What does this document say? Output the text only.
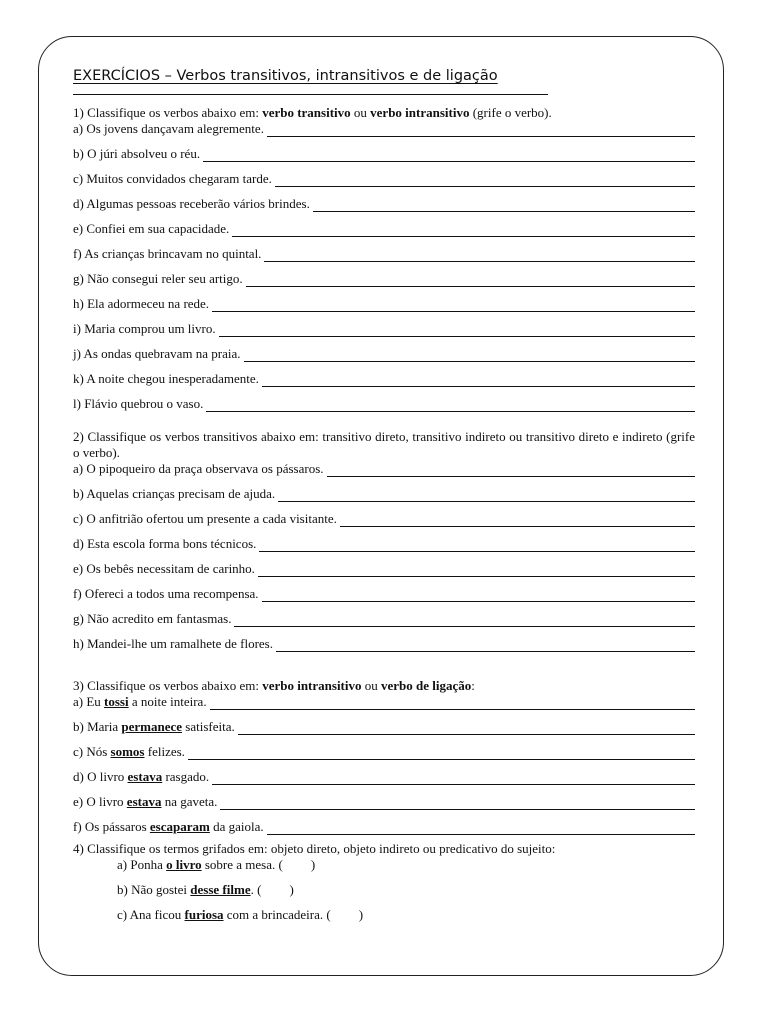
EXERCÍCIOS – Verbos transitivos, intransitivos e de ligação
1) Classifique os verbos abaixo em: verbo transitivo ou verbo intransitivo (grife o verbo).
a) Os jovens dançavam alegremente.
b) O júri absolveu o réu.
c) Muitos convidados chegaram tarde.
d) Algumas pessoas receberão vários brindes.
e) Confiei em sua capacidade.
f) As crianças brincavam no quintal.
g) Não consegui reler seu artigo.
h) Ela adormeceu na rede.
i) Maria comprou um livro.
j) As ondas quebravam na praia.
k) A noite chegou inesperadamente.
l) Flávio quebrou o vaso.
2) Classifique os verbos transitivos abaixo em: transitivo direto, transitivo indireto ou transitivo direto e indireto (grife o verbo).
a) O pipoqueiro da praça observava os pássaros.
b) Aquelas crianças precisam de ajuda.
c) O anfitrião ofertou um presente a cada visitante.
d) Esta escola forma bons técnicos.
e) Os bebês necessitam de carinho.
f) Ofereci a todos uma recompensa.
g) Não acredito em fantasmas.
h) Mandei-lhe um ramalhete de flores.
3) Classifique os verbos abaixo em: verbo intransitivo ou verbo de ligação:
a) Eu
tossi
a noite inteira.
b) Maria
permanece
satisfeita.
c) Nós
somos
felizes.
d) O livro
estava
rasgado.
e) O livro
estava
na gaveta.
f) Os pássaros
escaparam
da gaiola.
4) Classifique os termos grifados em: objeto direto, objeto indireto ou predicativo do sujeito:
a) Ponha o livro sobre a mesa. ( )
b) Não gostei desse filme. ( )
c) Ana ficou furiosa com a brincadeira. ( )
